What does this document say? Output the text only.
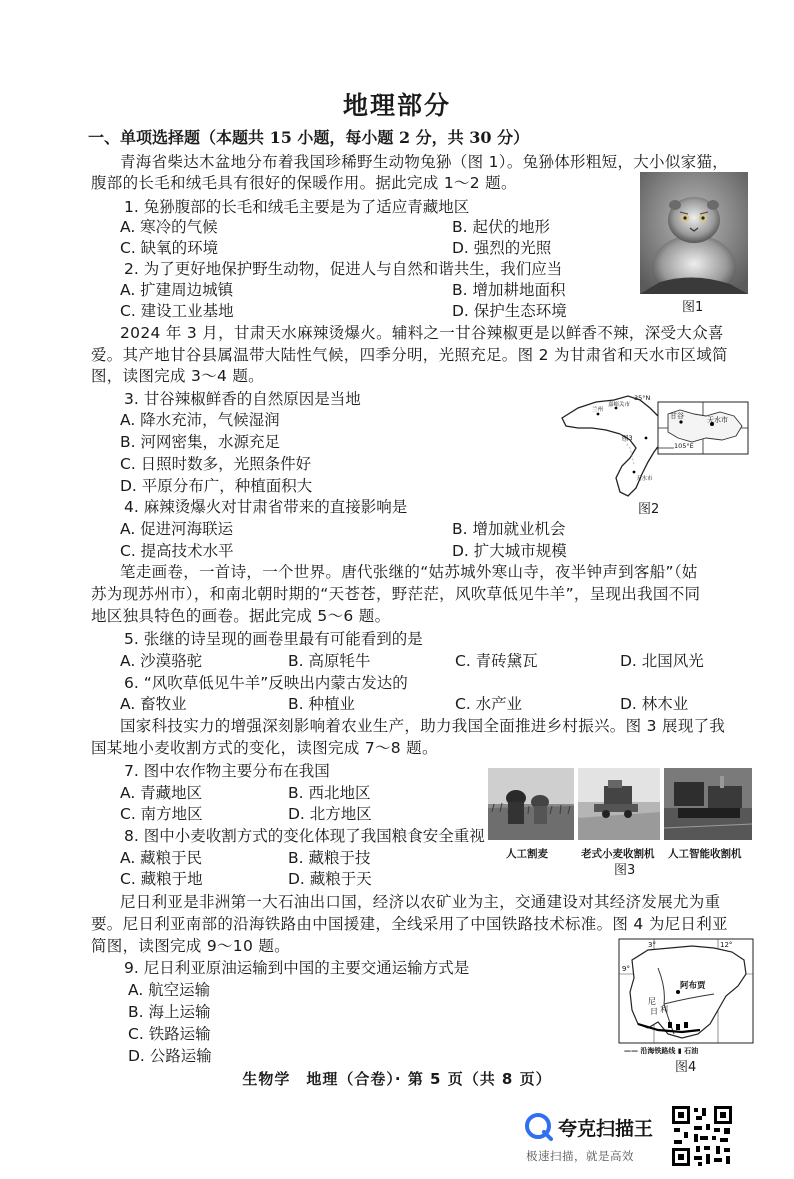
地理部分
一、单项选择题（本题共 15 小题，每小题 2 分，共 30 分）
青海省柴达木盆地分布着我国珍稀野生动物兔狲（图 1）。兔狲体形粗短，大小似家猫，
腹部的长毛和绒毛具有很好的保暖作用。据此完成 1～2 题。
1. 兔狲腹部的长毛和绒毛主要是为了适应青藏地区
A. 寒冷的气候	B. 起伏的地形
C. 缺氧的环境	D. 强烈的光照
2. 为了更好地保护野生动物，促进人与自然和谐共生，我们应当
A. 扩建周边城镇	B. 增加耕地面积
C. 建设工业基地	D. 保护生态环境	图1
2024 年 3 月，甘肃天水麻辣烫爆火。辅料之一甘谷辣椒更是以鲜香不辣，深受大众喜
爱。其产地甘谷县属温带大陆性气候，四季分明，光照充足。图 2 为甘肃省和天水市区域简
图，读图完成 3～4 题。
3. 甘谷辣椒鲜香的自然原因是当地
A. 降水充沛，气候湿润
B. 河网密集，水源充足
C. 日照时数多，光照条件好
D. 平原分布广，种植面积大
35°N
105°E
甘谷	天水市
兰州
嘉峪关市
天水市
图3
图2
4. 麻辣烫爆火对甘肃省带来的直接影响是
A. 促进河海联运	B. 增加就业机会
C. 提高技术水平	D. 扩大城市规模
笔走画卷，一首诗，一个世界。唐代张继的“姑苏城外寒山寺，夜半钟声到客船”（姑
苏为现苏州市），和南北朝时期的“天苍苍，野茫茫，风吹草低见牛羊”，呈现出我国不同
地区独具特色的画卷。据此完成 5～6 题。
5. 张继的诗呈现的画卷里最有可能看到的是
A. 沙漠骆驼	B. 高原牦牛	C. 青砖黛瓦	D. 北国风光
6. “风吹草低见牛羊”反映出内蒙古发达的
A. 畜牧业	B. 种植业	C. 水产业	D. 林木业
国家科技实力的增强深刻影响着农业生产，助力我国全面推进乡村振兴。图 3 展现了我
国某地小麦收割方式的变化，读图完成 7～8 题。
7. 图中农作物主要分布在我国
A. 青藏地区	B. 西北地区
C. 南方地区	D. 北方地区
8. 图中小麦收割方式的变化体现了我国粮食安全重视
A. 藏粮于民	B. 藏粮于技
C. 藏粮于地	D. 藏粮于天
人工割麦	老式小麦收割机 人工智能收割机
图3
尼日利亚是非洲第一大石油出口国，经济以农矿业为主，交通建设对其经济发展尤为重
要。尼日利亚南部的沿海铁路由中国援建，全线采用了中国铁路技术标准。图 4 为尼日利亚
简图，读图完成 9～10 题。
9. 尼日利亚原油运输到中国的主要交通运输方式是
A. 航空运输
B. 海上运输
C. 铁路运输
D. 公路运输
阿布贾
尼
日 利
9°
3°	12°
—— 沿海铁路线 ▮ 石油
图4
生物学　地理（合卷）· 第 5 页（共 8 页）
夸克扫描王
极速扫描，就是高效
